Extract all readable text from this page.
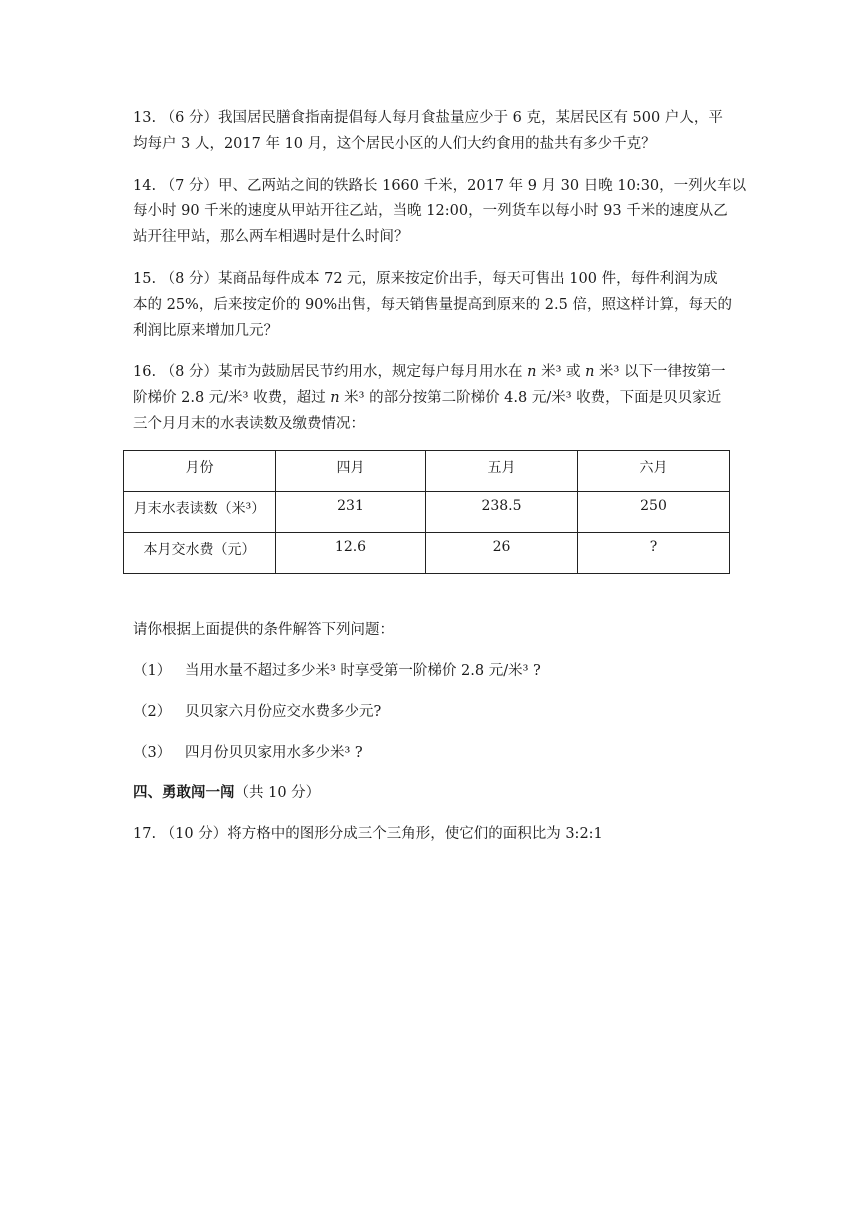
13. （6 分）我国居民膳食指南提倡每人每月食盐量应少于 6 克，某居民区有 500 户人，平
均每户 3 人，2017 年 10 月，这个居民小区的人们大约食用的盐共有多少千克？
14. （7 分）甲、乙两站之间的铁路长 1660 千米，2017 年 9 月 30 日晚 10:30，一列火车以
每小时 90 千米的速度从甲站开往乙站，当晚 12:00，一列货车以每小时 93 千米的速度从乙
站开往甲站，那么两车相遇时是什么时间？
15. （8 分）某商品每件成本 72 元，原来按定价出手，每天可售出 100 件，每件利润为成
本的 25%，后来按定价的 90%出售，每天销售量提高到原来的 2.5 倍，照这样计算，每天的
利润比原来增加几元？
16. （8 分）某市为鼓励居民节约用水，规定每户每月用水在 n 米³ 或 n 米³ 以下一律按第一
阶梯价 2.8 元/米³ 收费，超过 n 米³ 的部分按第二阶梯价 4.8 元/米³ 收费，下面是贝贝家近
三个月月末的水表读数及缴费情况：
月份	四月	五月	六月
月末水表读数（米³）	231	238.5	250
本月交水费（元）	12.6	26	?
请你根据上面提供的条件解答下列问题：
（1） 当用水量不超过多少米³ 时享受第一阶梯价 2.8 元/米³ ?
（2） 贝贝家六月份应交水费多少元?
（3） 四月份贝贝家用水多少米³ ?
四、勇敢闯一闯（共 10 分）
17. （10 分）将方格中的图形分成三个三角形，使它们的面积比为 3:2:1
